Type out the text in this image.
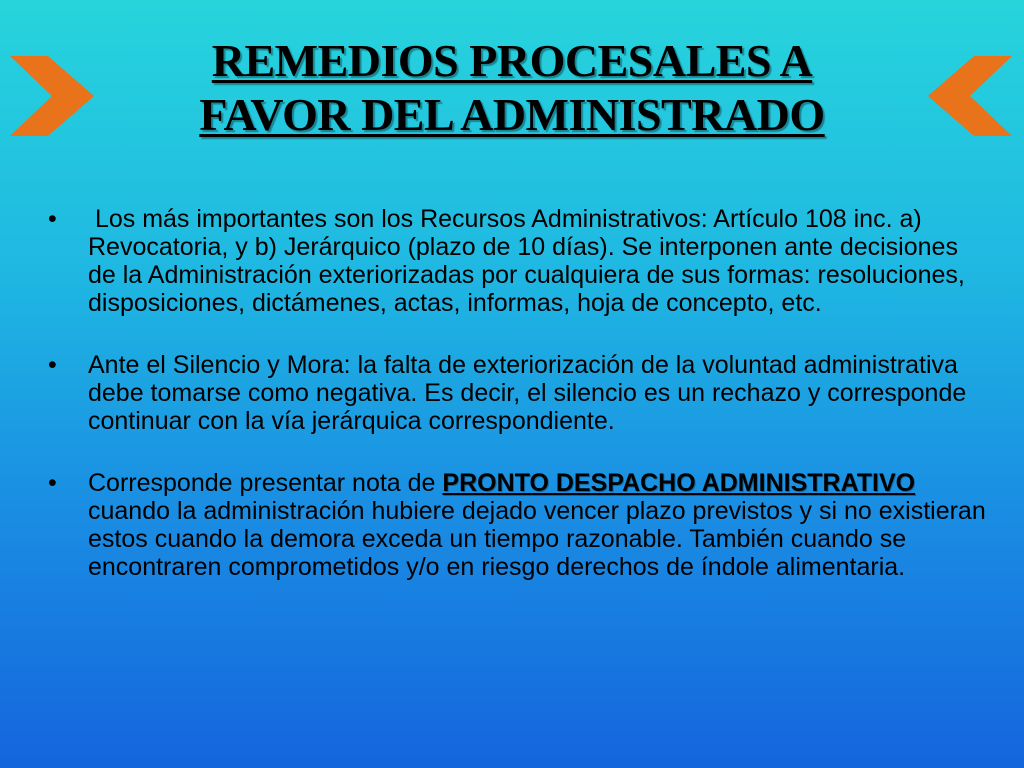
REMEDIOS PROCESALES A
FAVOR DEL ADMINISTRADO
• Los más importantes son los Recursos Administrativos: Artículo 108 inc. a) Revocatoria, y b) Jerárquico (plazo de 10 días). Se interponen ante decisiones de la Administración exteriorizadas por cualquiera de sus formas: resoluciones, disposiciones, dictámenes, actas, informas, hoja de concepto, etc.
• Ante el Silencio y Mora: la falta de exteriorización de la voluntad administrativa debe tomarse como negativa. Es decir, el silencio es un rechazo y corresponde continuar con la vía jerárquica correspondiente.
• Corresponde presentar nota de PRONTO DESPACHO ADMINISTRATIVO cuando la administración hubiere dejado vencer plazo previstos y si no existieran estos cuando la demora exceda un tiempo razonable. También cuando se encontraren comprometidos y/o en riesgo derechos de índole alimentaria.
